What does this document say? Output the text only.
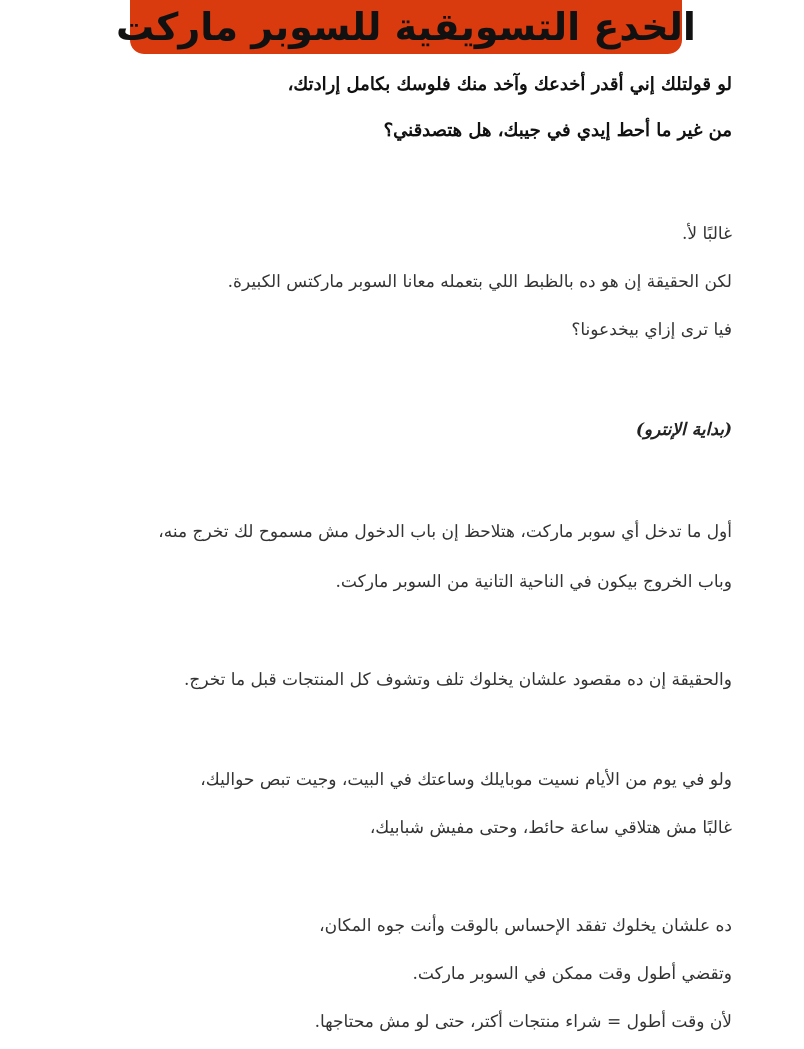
الخدع التسويقية للسوبر ماركت
لو قولتلك إني أقدر أخدعك وآخد منك فلوسك بكامل إرادتك،
من غير ما أحط إيدي في جيبك، هل هتصدقني؟
غالبًا لأ.
لكن الحقيقة إن هو ده بالظبط اللي بتعمله معانا السوبر ماركتس الكبيرة.
فيا ترى إزاي بيخدعونا؟
(بداية الإنترو)
أول ما تدخل أي سوبر ماركت، هتلاحظ إن باب الدخول مش مسموح لك تخرج منه،
وباب الخروج بيكون في الناحية التانية من السوبر ماركت.
والحقيقة إن ده مقصود علشان يخلوك تلف وتشوف كل المنتجات قبل ما تخرج.
ولو في يوم من الأيام نسيت موبايلك وساعتك في البيت، وجيت تبص حواليك،
غالبًا مش هتلاقي ساعة حائط، وحتى مفيش شبابيك،
ده علشان يخلوك تفقد الإحساس بالوقت وأنت جوه المكان،
وتقضي أطول وقت ممكن في السوبر ماركت.
لأن وقت أطول = شراء منتجات أكتر، حتى لو مش محتاجها.
